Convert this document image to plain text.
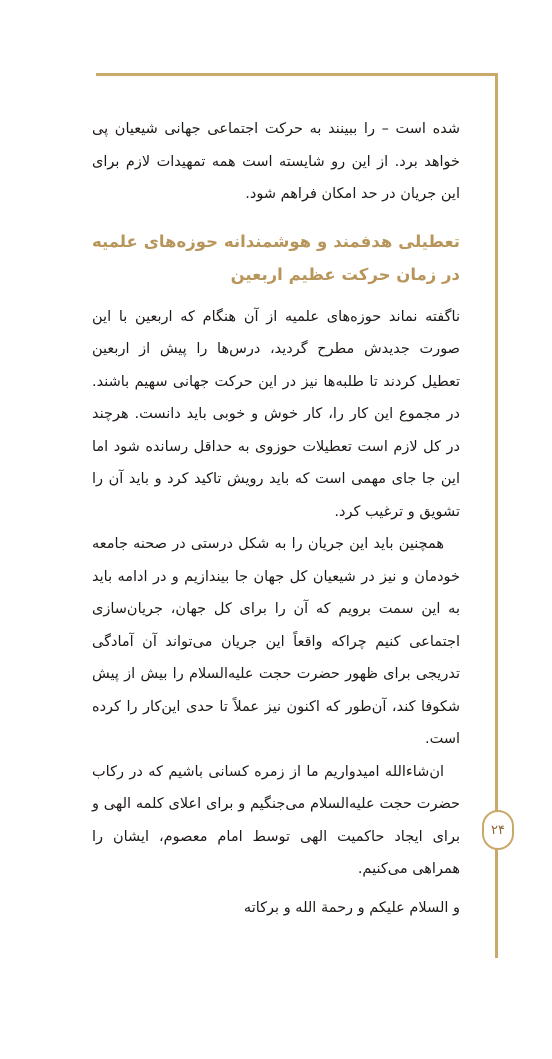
۲۴

شده است – را ببینند به حرکت اجتماعی جهانی شیعیان پی خواهد برد. از این رو شایسته است همه تمهیدات لازم برای این جریان در حد امکان فراهم شود.

تعطیلی هدفمند و هوشمندانه حوزه‌های علمیه در زمان حرکت عظیم اربعین

ناگفته نماند حوزه‌های علمیه از آن هنگام که اربعین با این صورت جدیدش مطرح گردید، درس‌ها را پیش از اربعین تعطیل کردند تا طلبه‌ها نیز در این حرکت جهانی سهیم باشند. در مجموع این کار را، کار خوش و خوبی باید دانست. هرچند در کل لازم است تعطیلات حوزوی به حداقل رسانده شود اما این جا جای مهمی است که باید رویش تاکید کرد و باید آن را تشویق و ترغیب کرد.

همچنین باید این جریان را به شکل درستی در صحنه جامعه خودمان و نیز در شیعیان کل جهان جا بیندازیم و در ادامه باید به این سمت برویم که آن را برای کل جهان، جریان‌سازی اجتماعی کنیم چراکه واقعاً این جریان می‌تواند آن آمادگی تدریجی برای ظهور حضرت حجت علیه‌السلام را بیش از پیش شکوفا کند، آن‌طور که اکنون نیز عملاً تا حدی این‌کار را کرده است.

ان‌شاءالله امیدواریم ما از زمره کسانی باشیم که در رکاب حضرت حجت علیه‌السلام می‌جنگیم و برای اعلای کلمه الهی و برای ایجاد حاکمیت الهی توسط امام معصوم، ایشان را همراهی می‌کنیم.

و السلام علیکم و رحمة الله و برکاته
